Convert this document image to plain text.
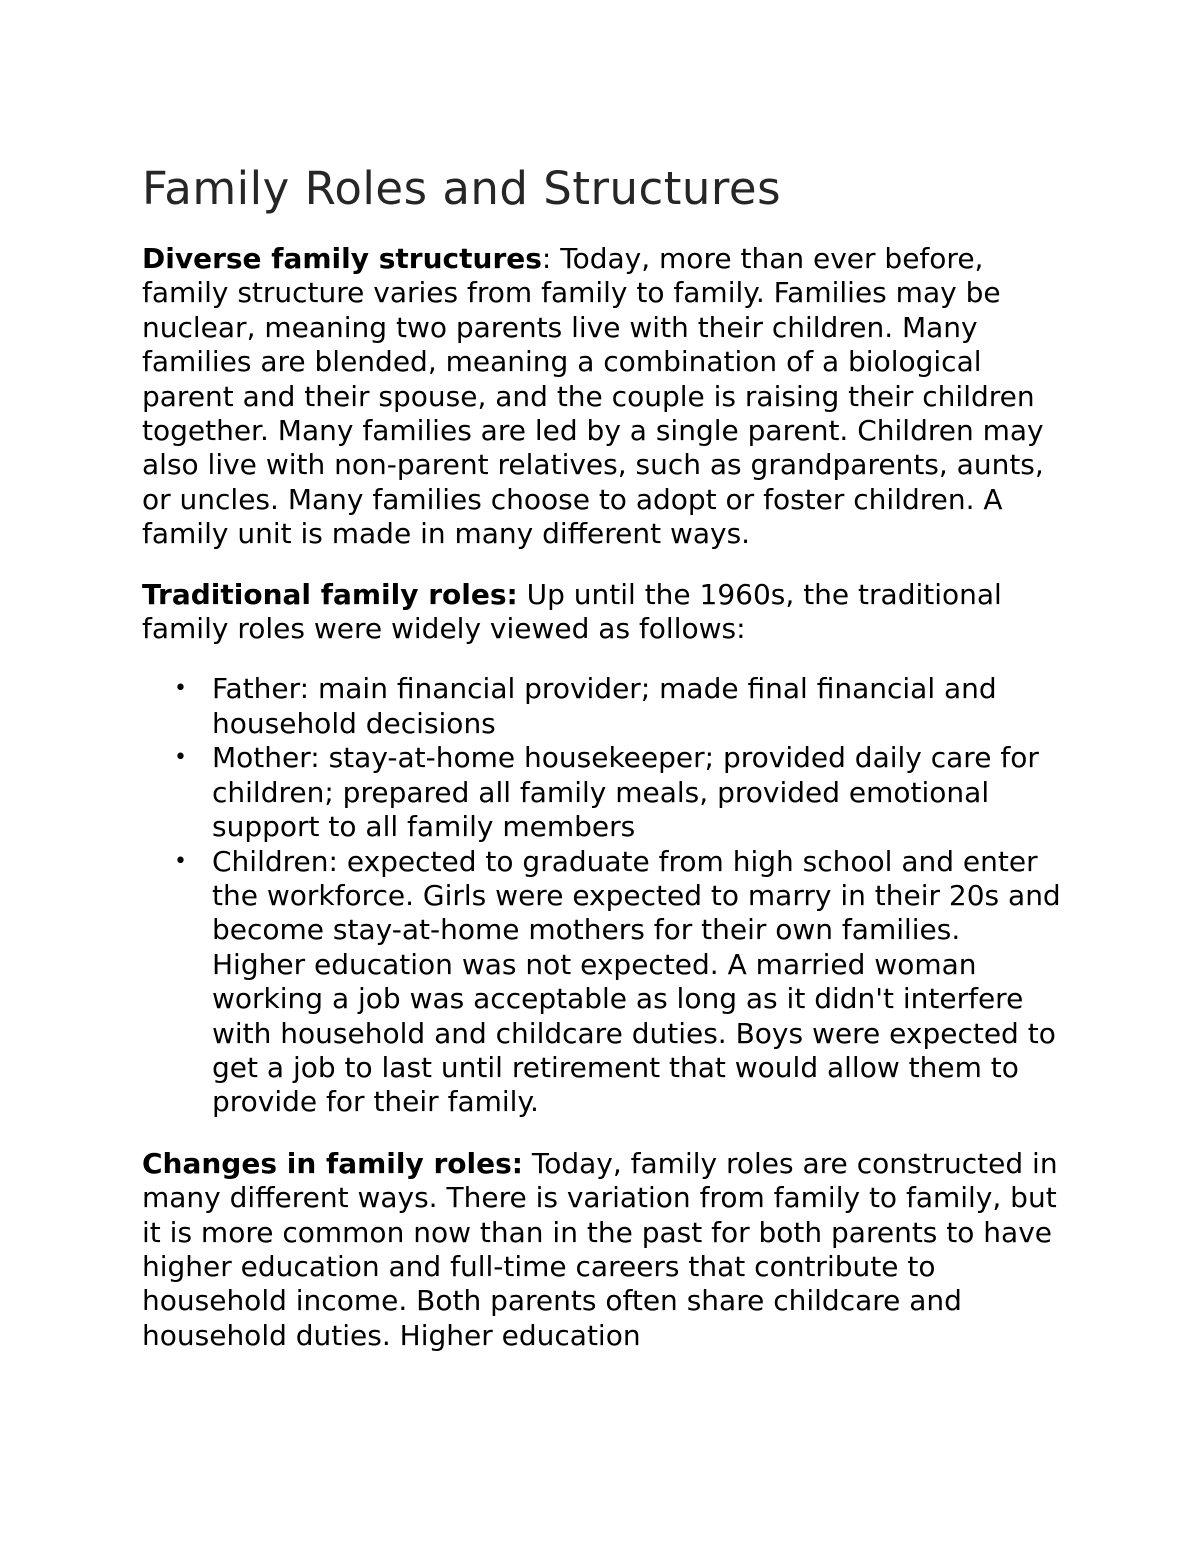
Family Roles and Structures

Diverse family structures: Today, more than ever before, family structure varies from family to family. Families may be nuclear, meaning two parents live with their children. Many families are blended, meaning a combination of a biological parent and their spouse, and the couple is raising their children together. Many families are led by a single parent. Children may also live with non-parent relatives, such as grandparents, aunts, or uncles. Many families choose to adopt or foster children. A family unit is made in many different ways.

Traditional family roles: Up until the 1960s, the traditional family roles were widely viewed as follows:

• Father: main financial provider; made final financial and household decisions
• Mother: stay-at-home housekeeper; provided daily care for children; prepared all family meals, provided emotional support to all family members
• Children: expected to graduate from high school and enter the workforce. Girls were expected to marry in their 20s and become stay-at-home mothers for their own families. Higher education was not expected. A married woman working a job was acceptable as long as it didn't interfere with household and childcare duties. Boys were expected to get a job to last until retirement that would allow them to provide for their family.

Changes in family roles: Today, family roles are constructed in many different ways. There is variation from family to family, but it is more common now than in the past for both parents to have higher education and full-time careers that contribute to household income. Both parents often share childcare and household duties. Higher education
